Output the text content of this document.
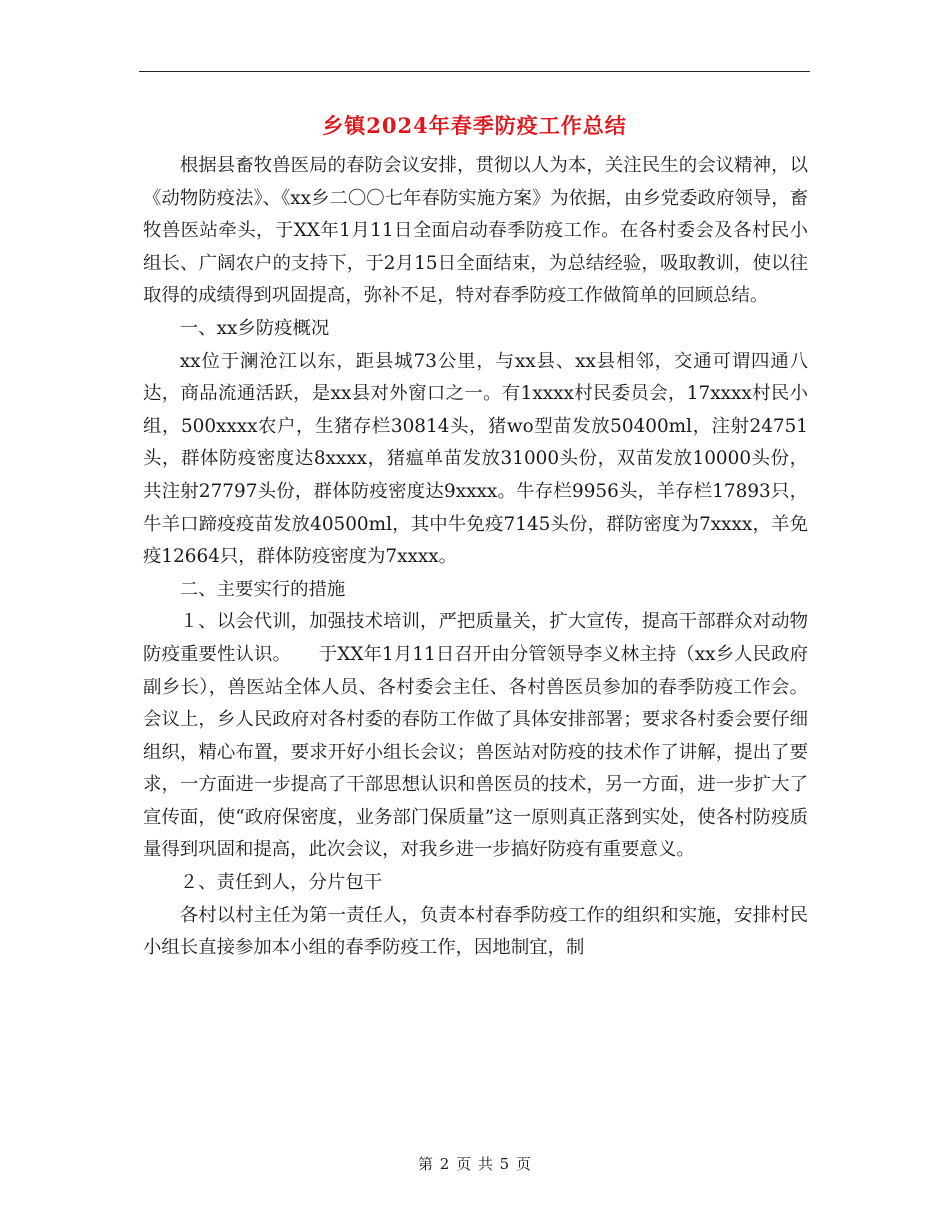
乡镇2024年春季防疫工作总结

根据县畜牧兽医局的春防会议安排，贯彻以人为本，关注民生的会议精神，以《动物防疫法》、《xx乡二〇〇七年春防实施方案》为依据，由乡党委政府领导，畜牧兽医站牵头，于XX年1月11日全面启动春季防疫工作。在各村委会及各村民小组长、广阔农户的支持下，于2月15日全面结束，为总结经验，吸取教训，使以往取得的成绩得到巩固提高，弥补不足，特对春季防疫工作做简单的回顾总结。

一、xx乡防疫概况

xx位于澜沧江以东，距县城73公里，与xx县、xx县相邻，交通可谓四通八达，商品流通活跃，是xx县对外窗口之一。有1xxxx村民委员会，17xxxx村民小组，500xxxx农户，生猪存栏30814头，猪wo型苗发放50400ml，注射24751头，群体防疫密度达8xxxx，猪瘟单苗发放31000头份，双苗发放10000头份，共注射27797头份，群体防疫密度达9xxxx。牛存栏9956头，羊存栏17893只，牛羊口蹄疫疫苗发放40500ml，其中牛免疫7145头份，群防密度为7xxxx，羊免疫12664只，群体防疫密度为7xxxx。

二、主要实行的措施

１、以会代训，加强技术培训，严把质量关，扩大宣传，提高干部群众对动物防疫重要性认识。　　于XX年1月11日召开由分管领导李义林主持（xx乡人民政府副乡长），兽医站全体人员、各村委会主任、各村兽医员参加的春季防疫工作会。会议上，乡人民政府对各村委的春防工作做了具体安排部署；要求各村委会要仔细组织，精心布置，要求开好小组长会议；兽医站对防疫的技术作了讲解，提出了要求，一方面进一步提高了干部思想认识和兽医员的技术，另一方面，进一步扩大了宣传面，使“政府保密度，业务部门保质量”这一原则真正落到实处，使各村防疫质量得到巩固和提高，此次会议，对我乡进一步搞好防疫有重要意义。

２、责任到人，分片包干

各村以村主任为第一责任人，负责本村春季防疫工作的组织和实施，安排村民小组长直接参加本小组的春季防疫工作，因地制宜，制

第 2 页 共 5 页
